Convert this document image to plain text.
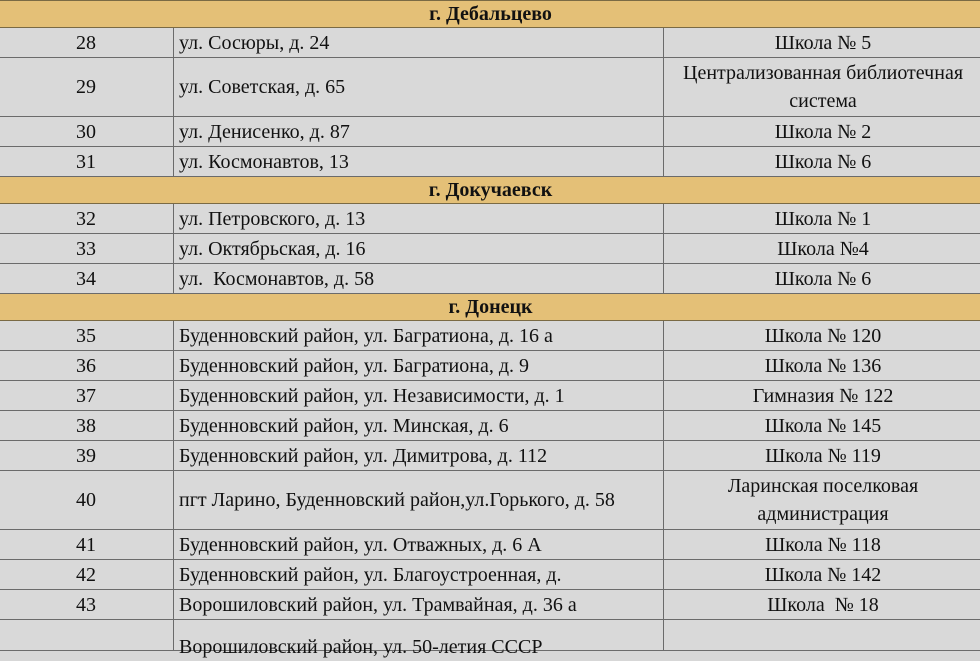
г. Дебальцево		
28	ул. Сосюры, д. 24	Школа № 5
29	ул. Советская, д. 65	Централизованная библиотечная система
30	ул. Денисенко, д. 87	Школа № 2
31	ул. Космонавтов, 13	Школа № 6
г. Докучаевск		
32	ул. Петровского, д. 13	Школа № 1
33	ул. Октябрьская, д. 16	Школа №4
34	ул.  Космонавтов, д. 58	Школа № 6
г. Донецк		
35	Буденновский район, ул. Багратиона, д. 16 а	Школа № 120
36	Буденновский район, ул. Багратиона, д. 9	Школа № 136
37	Буденновский район, ул. Независимости, д. 1	Гимназия № 122
38	Буденновский район, ул. Минская, д. 6	Школа № 145
39	Буденновский район, ул. Димитрова, д. 112	Школа № 119
40	пгт Ларино, Буденновский район,ул.Горького, д. 58	Ларинская поселковая администрация
41	Буденновский район, ул. Отважных, д. 6 А	Школа № 118
42	Буденновский район, ул. Благоустроенная, д.	Школа № 142
43	Ворошиловский район, ул. Трамвайная, д. 36 а	Школа  № 18

	Ворошиловский район, ул. 50-летия СССР	
